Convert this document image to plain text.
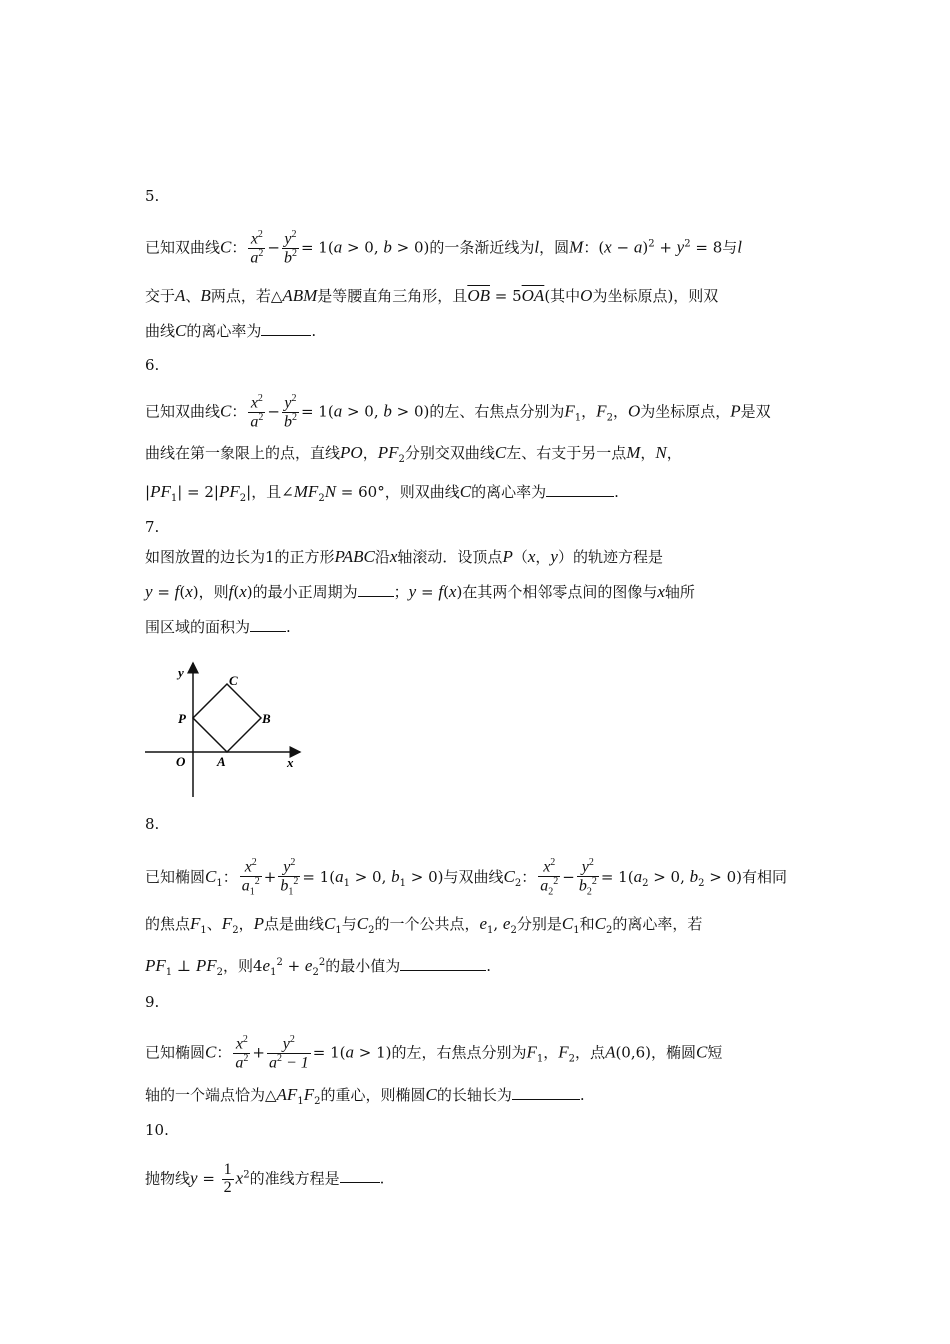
5.
已知双曲线C： $\frac{x^2}{a^2} - \frac{y^2}{b^2} = 1(a > 0$, b > 0)的一条渐近线为l，圆M：$(x - a)^2 + y^2 = 8$与l
交于A、B两点，若△ABM是等腰直角三角形，且$\overline{OB} = 5\overline{OA}$(其中O为坐标原点)，则双
曲线C的离心率为	.
6.
已知双曲线C： $\frac{x^2}{a^2} - \frac{y^2}{b^2} = 1(a > 0$, b > 0)的左、右焦点分别为$F_1$，$F_2$，O为坐标原点，P是双
曲线在第一象限上的点，直线PO，$PF_2$分别交双曲线C左、右支于另一点M，N，
$|PF_1| = 2|PF_2|$，且$\angle MF_2N = 60^\circ$，则双曲线C的离心率为	.
7.
如图放置的边长为1的正方形PABC沿x轴滚动．设顶点P（x，y）的轨迹方程是
y = f(x)，则f(x)的最小正周期为 ；y = f(x)在其两个相邻零点间的图像与x轴所
围区域的面积为 .
y
x
O A
B
C
P
8.
已知椭圆$C_1$： $\frac{x^2}{a_1^2} + \frac{y^2}{b_1^2} = 1(a_1 > 0$, $b_1 > 0$)与双曲线$C_2$： $\frac{x^2}{a_2^2} - \frac{y^2}{b_2^2} = 1(a_2 > 0$, $b_2 > 0$)有相同
的焦点$F_1$、$F_2$，P点是曲线$C_1$与$C_2$的一个公共点，$e_1$, $e_2$分别是$C_1$和$C_2$的离心率，若
$PF_1$ ⊥ $PF_2$，则$4e_1^2 + e_2^2$的最小值为	.
9.
已知椭圆C： $\frac{x^2}{a^2} + \frac{y^2}{a^2 - 1} = 1(a > 1)$的左，右焦点分别为$F_1$，$F_2$，点A(0,6)，椭圆C短
轴的一个端点恰为$\triangle AF_1F_2$的重心，则椭圆C的长轴长为	.
10.
抛物线$y = \frac{1}{2} x^2$的准线方程是	.
